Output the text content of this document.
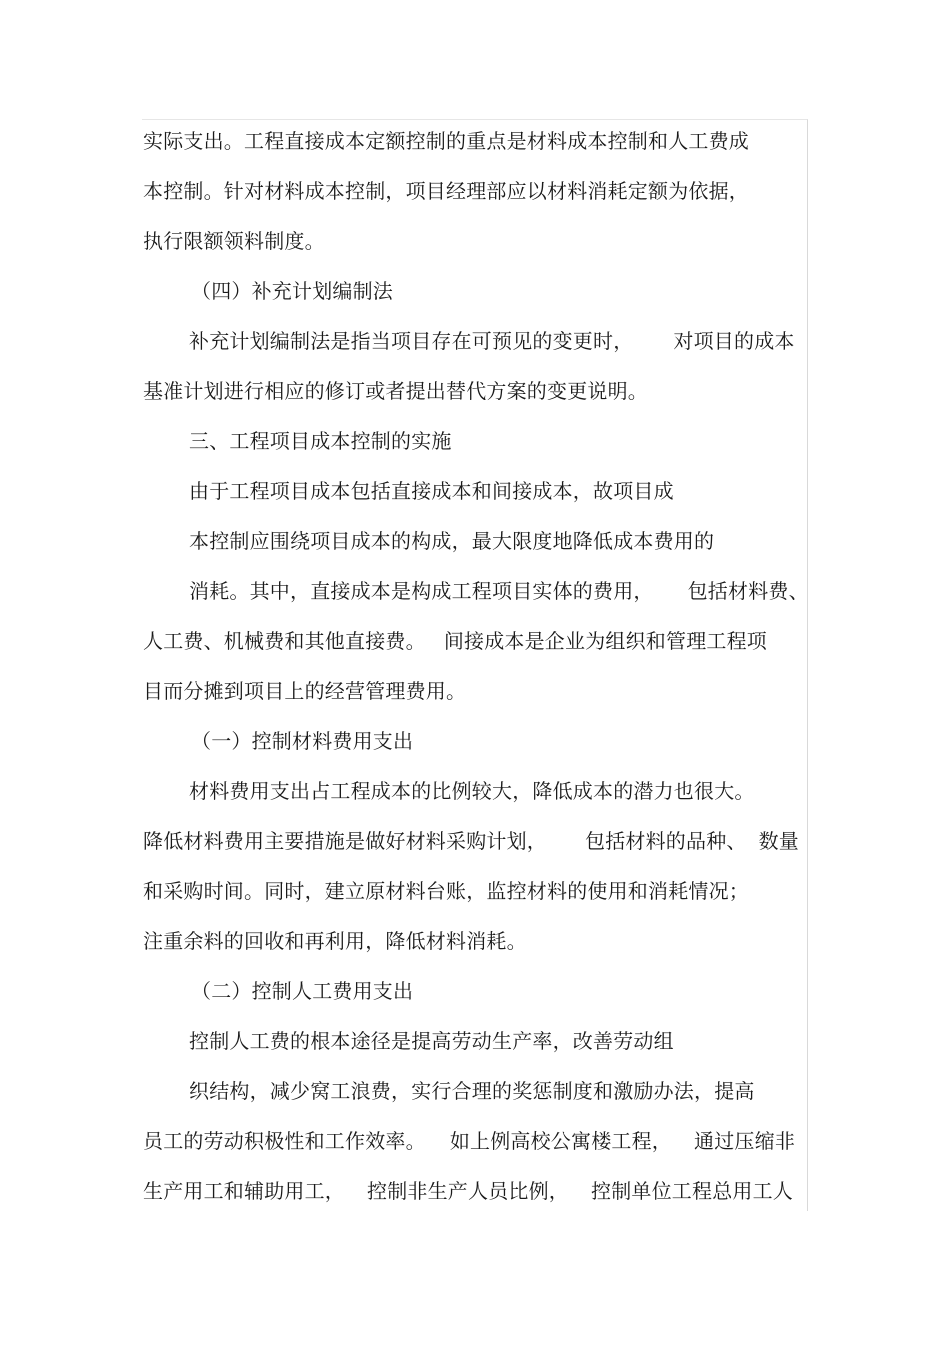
实际支出。工程直接成本定额控制的重点是材料成本控制和人工费成
本控制。针对材料成本控制，项目经理部应以材料消耗定额为依据，
执行限额领料制度。
（四）补充计划编制法
补充计划编制法是指当项目存在可预见的变更时， 对项目的成本
基准计划进行相应的修订或者提出替代方案的变更说明。
三、工程项目成本控制的实施
由于工程项目成本包括直接成本和间接成本，故项目成
本控制应围绕项目成本的构成，最大限度地降低成本费用的
消耗。其中，直接成本是构成工程项目实体的费用， 包括材料费、
人工费、机械费和其他直接费。 间接成本是企业为组织和管理工程项
目而分摊到项目上的经营管理费用。
（一）控制材料费用支出
材料费用支出占工程成本的比例较大，降低成本的潜力也很大。
降低材料费用主要措施是做好材料采购计划， 包括材料的品种、 数量
和采购时间。同时，建立原材料台账，监控材料的使用和消耗情况；
注重余料的回收和再利用，降低材料消耗。
（二）控制人工费用支出
控制人工费的根本途径是提高劳动生产率，改善劳动组
织结构，减少窝工浪费，实行合理的奖惩制度和激励办法，提高
员工的劳动积极性和工作效率。 如上例高校公寓楼工程， 通过压缩非
生产用工和辅助用工， 控制非生产人员比例， 控制单位工程总用工人
